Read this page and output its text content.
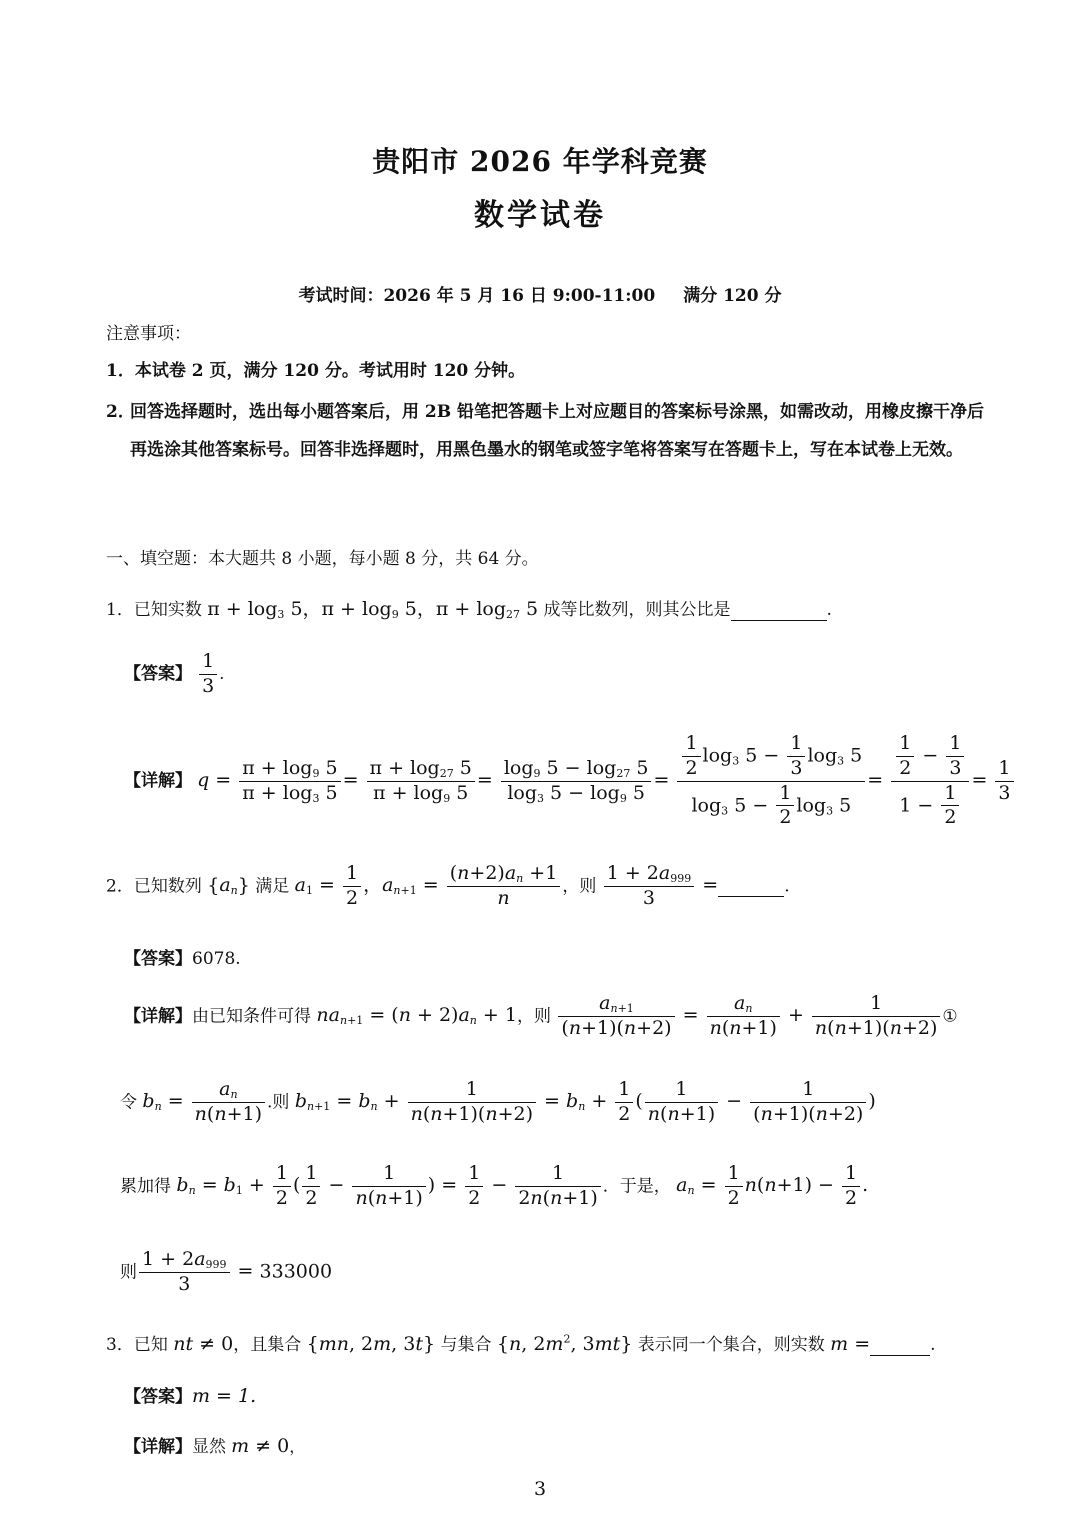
贵阳市 2026 年学科竞赛
数学试卷
考试时间：2026 年 5 月 16 日 9:00-11:00 满分 120 分
注意事项：
1．本试卷 2 页，满分 120 分。考试用时 120 分钟。
2．回答选择题时，选出每小题答案后，用 2B 铅笔把答题卡上对应题目的答案标号涂黑，如需改动，用橡皮擦干净后再选涂其他答案标号。回答非选择题时，用黑色墨水的钢笔或签字笔将答案写在答题卡上，写在本试卷上无效。
一、填空题：本大题共 8 小题，每小题 8 分，共 64 分。
1．已知实数 $\pi + \log_3 5$，$\pi + \log_9 5$，$\pi + \log_{27} 5$ 成等比数列，则其公比是	.
【答案】 $\frac{1}{3}$ .
【详解】 $q = \frac{\pi + \log_9 5}{\pi + \log_3 5} = \frac{\pi + \log_{27} 5}{\pi + \log_9 5} = \frac{\log_9 5 - \log_{27} 5}{\log_3 5 - \log_9 5} = \frac{\frac{1}{2} \log_3 5 - \frac{1}{3} \log_3 5}{\log_3 5 - \frac{1}{2} \log_3 5} = \frac{\frac{1}{2} - \frac{1}{3}}{1 - \frac{1}{2}} = \frac{1}{3}$
2．已知数列 $\{a_n\}$ 满足 $a_1 = \frac{1}{2}$ ，$a_{n+1} = \frac{(n+2)a_n +1}{n}$ ，则 $\frac{1 + 2a_{999}}{3}$ =	.
【答案】6078.
【详解】由已知条件可得 $na_{n+1} = (n + 2)a_n + 1$，则 $\frac{a_{n+1}}{(n+1)(n+2)} = \frac{a_n}{n(n+1)} + \frac{1}{n(n+1)(n+2)}$ ①
令 $b_n = \frac{a_n}{n(n+1)}$ .则 $b_{n+1} = b_n + \frac{1}{n(n+1)(n+2)} = b_n + \frac{1}{2}$ ( $\frac{1}{n(n+1)} - \frac{1}{(n+1)(n+2)}$ )
累加得 $b_n = b_1 + \frac{1}{2}$ ( $\frac{1}{2} - \frac{1}{n(n+1)}$ ) = $\frac{1}{2} - \frac{1}{2n(n+1)}$ ．于是， $a_n = \frac{1}{2} n(n+1) - \frac{1}{2}$ .
则 $\frac{1 + 2a_{999}}{3} = 333000$
3．已知 nt ≠ 0，且集合 {mn, 2m, 3t} 与集合 {n, $2m^2$, 3mt} 表示同一个集合，则实数 m =	.
【答案】m = 1.
【详解】显然 m ≠ 0，
3
